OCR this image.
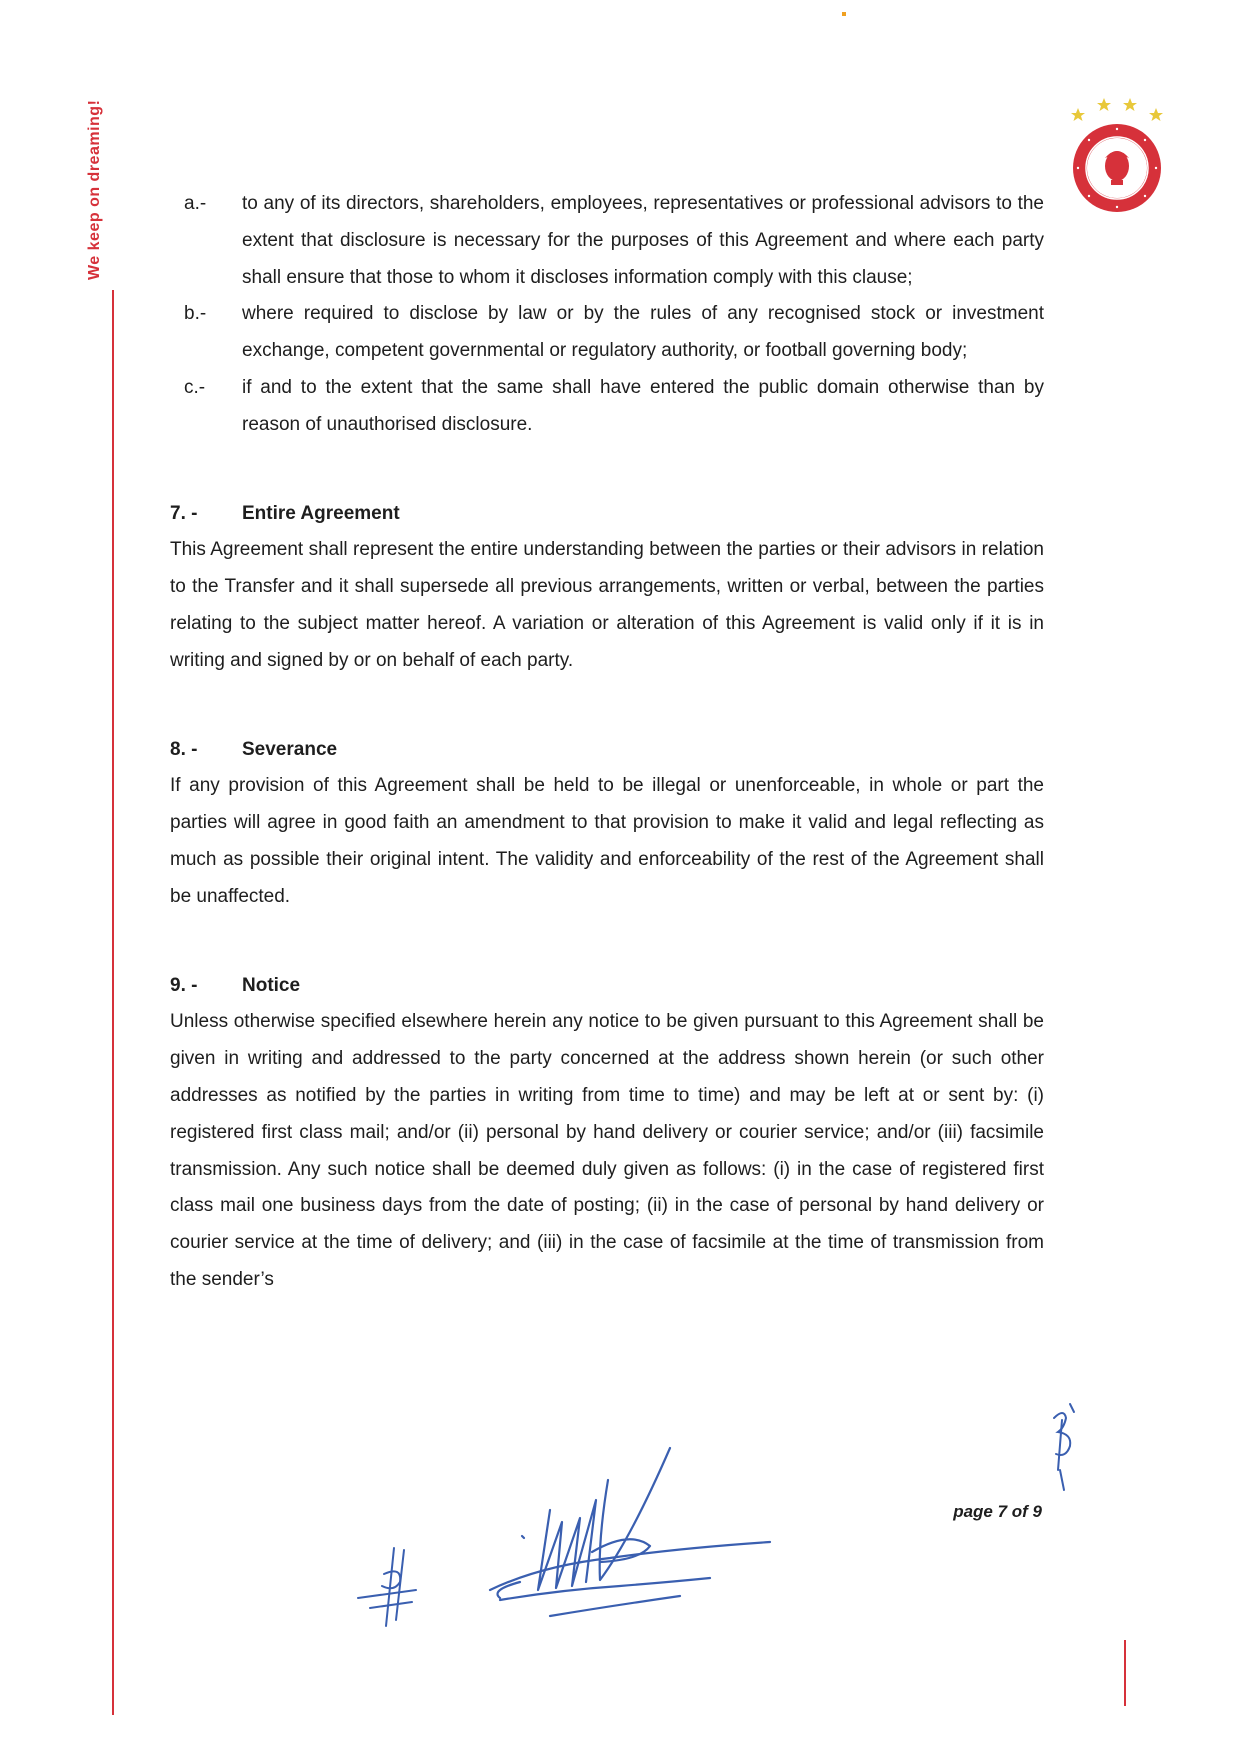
We keep on dreaming!	a.-	to any of its directors, shareholders, employees, representatives or professional advisors to the extent that disclosure is necessary for the purposes of this Agreement and where each party shall ensure that those to whom it discloses information comply with this clause;
b.-	where required to disclose by law or by the rules of any recognised stock or investment exchange, competent governmental or regulatory authority, or football governing body;
c.-	if and to the extent that the same shall have entered the public domain otherwise than by reason of unauthorised disclosure.
7. -	Entire Agreement
This Agreement shall represent the entire understanding between the parties or their advisors in relation to the Transfer and it shall supersede all previous arrangements, written or verbal, between the parties relating to the subject matter hereof. A variation or alteration of this Agreement is valid only if it is in writing and signed by or on behalf of each party.
8. -	Severance
If any provision of this Agreement shall be held to be illegal or unenforceable, in whole or part the parties will agree in good faith an amendment to that provision to make it valid and legal reflecting as much as possible their original intent. The validity and enforceability of the rest of the Agreement shall be unaffected.
9. -	Notice
Unless otherwise specified elsewhere herein any notice to be given pursuant to this Agreement shall be given in writing and addressed to the party concerned at the address shown herein (or such other addresses as notified by the parties in writing from time to time) and may be left at or sent by: (i) registered first class mail; and/or (ii) personal by hand delivery or courier service; and/or (iii) facsimile transmission. Any such notice shall be deemed duly given as follows: (i) in the case of registered first class mail one business days from the date of posting; (ii) in the case of personal by hand delivery or courier service at the time of delivery; and (iii) in the case of facsimile at the time of transmission from the sender’s
page 7 of 9
